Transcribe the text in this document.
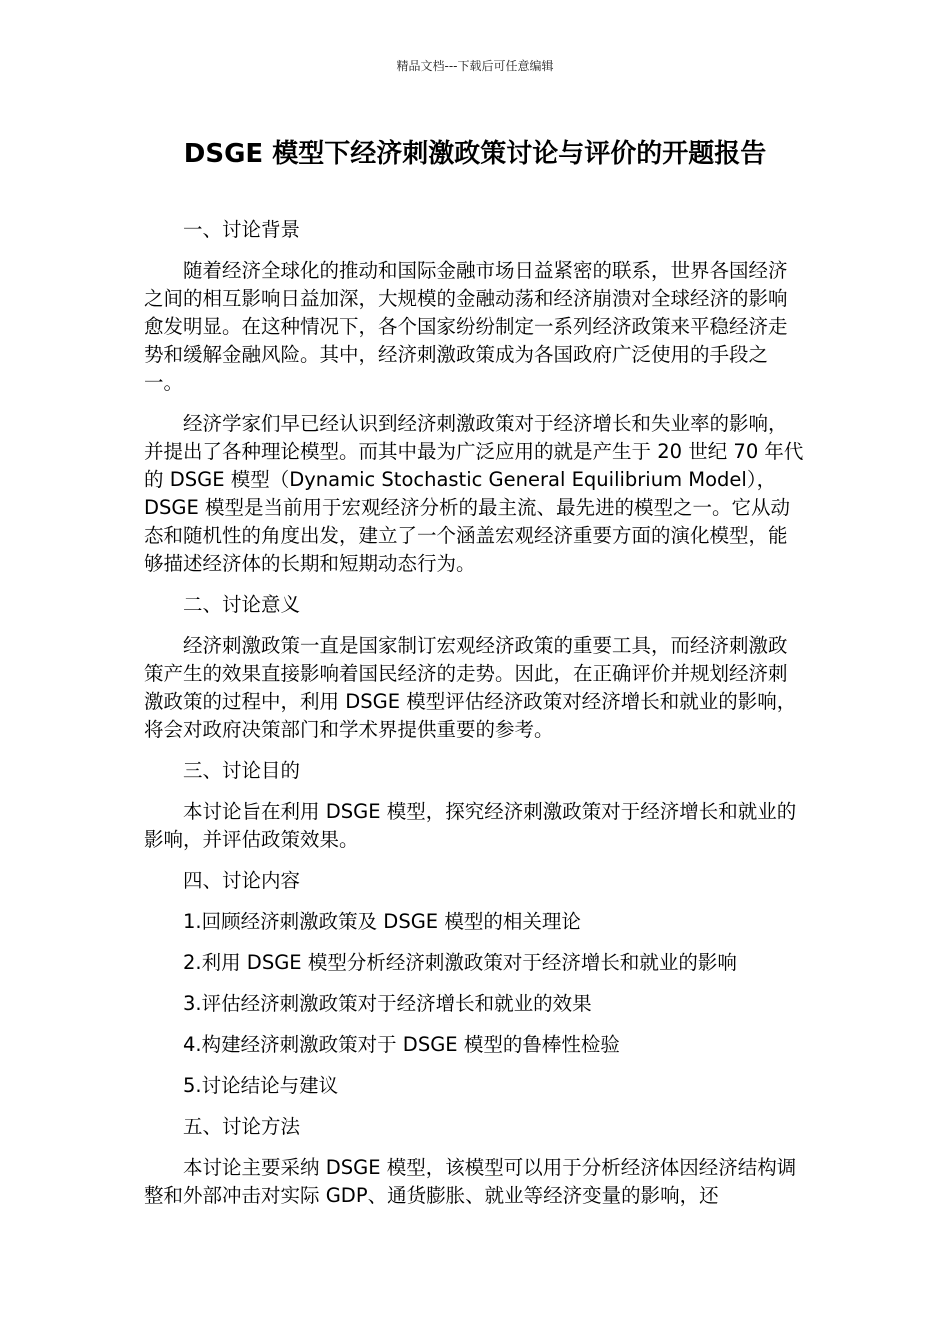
精品文档---下载后可任意编辑
DSGE 模型下经济刺激政策讨论与评价的开题报告

一、讨论背景

随着经济全球化的推动和国际金融市场日益紧密的联系，世界各国经济之间的相互影响日益加深，大规模的金融动荡和经济崩溃对全球经济的影响愈发明显。在这种情况下，各个国家纷纷制定一系列经济政策来平稳经济走势和缓解金融风险。其中，经济刺激政策成为各国政府广泛使用的手段之一。

经济学家们早已经认识到经济刺激政策对于经济增长和失业率的影响，并提出了各种理论模型。而其中最为广泛应用的就是产生于 20 世纪 70 年代的 DSGE 模型（Dynamic Stochastic General Equilibrium Model），DSGE 模型是当前用于宏观经济分析的最主流、最先进的模型之一。它从动态和随机性的角度出发，建立了一个涵盖宏观经济重要方面的演化模型，能够描述经济体的长期和短期动态行为。

二、讨论意义

经济刺激政策一直是国家制订宏观经济政策的重要工具，而经济刺激政策产生的效果直接影响着国民经济的走势。因此，在正确评价并规划经济刺激政策的过程中，利用 DSGE 模型评估经济政策对经济增长和就业的影响，将会对政府决策部门和学术界提供重要的参考。

三、讨论目的

本讨论旨在利用 DSGE 模型，探究经济刺激政策对于经济增长和就业的影响，并评估政策效果。

四、讨论内容

1.回顾经济刺激政策及 DSGE 模型的相关理论

2.利用 DSGE 模型分析经济刺激政策对于经济增长和就业的影响

3.评估经济刺激政策对于经济增长和就业的效果

4.构建经济刺激政策对于 DSGE 模型的鲁棒性检验

5.讨论结论与建议

五、讨论方法

本讨论主要采纳 DSGE 模型，该模型可以用于分析经济体因经济结构调整和外部冲击对实际 GDP、通货膨胀、就业等经济变量的影响，还
